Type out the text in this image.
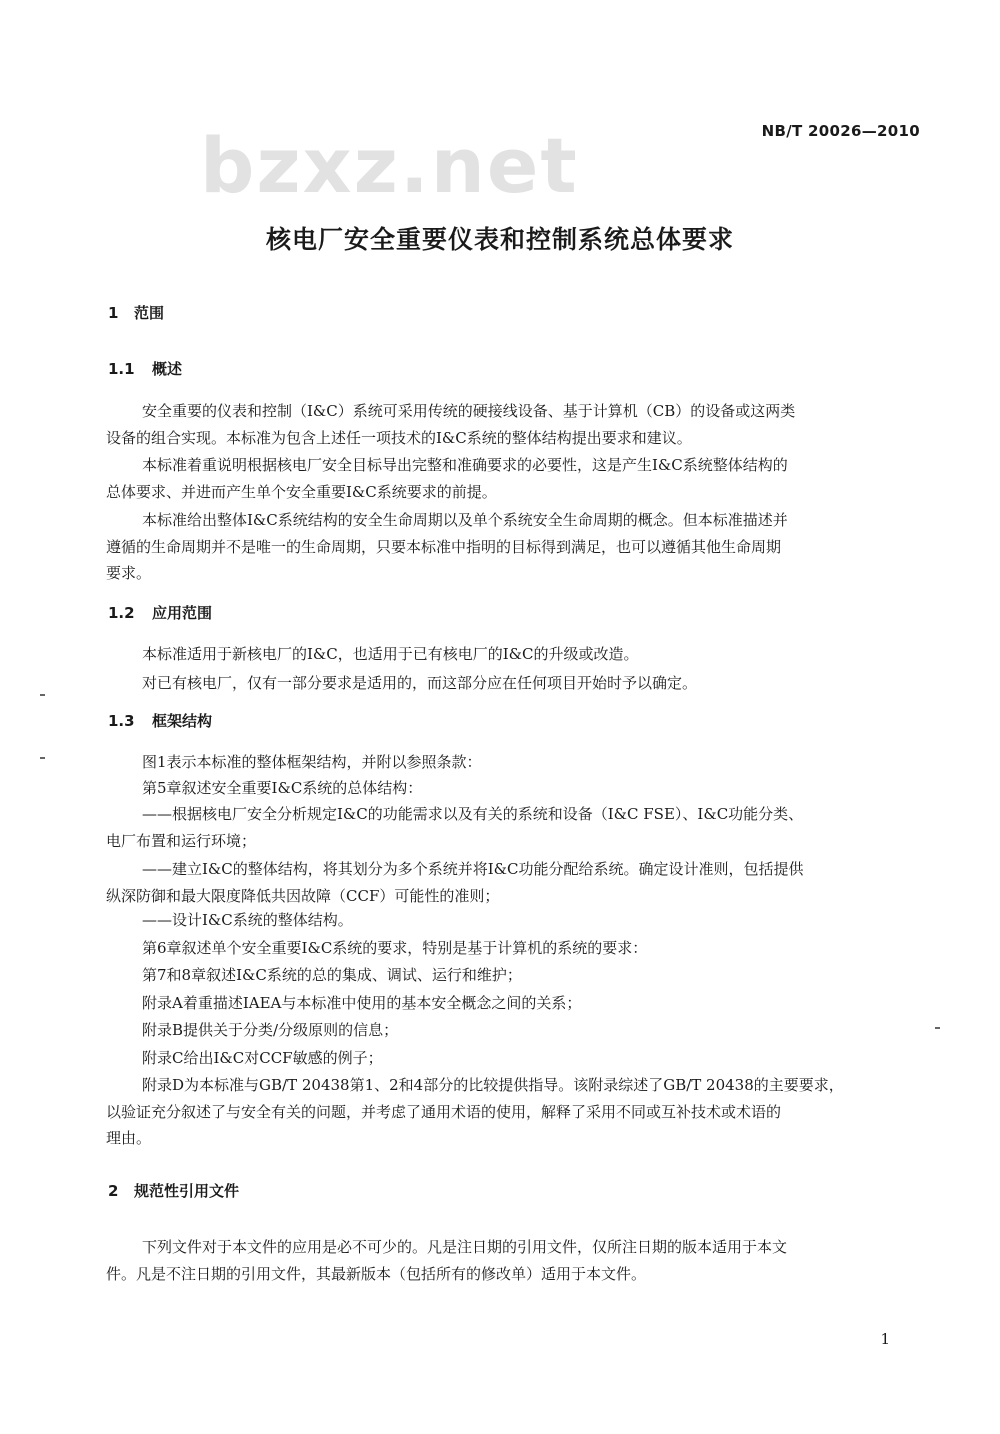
NB/T 20026—2010
bzxz.net
核电厂安全重要仪表和控制系统总体要求
1 范围
1.1 概述
安全重要的仪表和控制（I&C）系统可采用传统的硬接线设备、基于计算机（CB）的设备或这两类
设备的组合实现。本标准为包含上述任一项技术的I&C系统的整体结构提出要求和建议。
本标准着重说明根据核电厂安全目标导出完整和准确要求的必要性，这是产生I&C系统整体结构的
总体要求、并进而产生单个安全重要I&C系统要求的前提。
本标准给出整体I&C系统结构的安全生命周期以及单个系统安全生命周期的概念。但本标准描述并
遵循的生命周期并不是唯一的生命周期，只要本标准中指明的目标得到满足，也可以遵循其他生命周期
要求。
1.2 应用范围
本标准适用于新核电厂的I&C，也适用于已有核电厂的I&C的升级或改造。
对已有核电厂，仅有一部分要求是适用的，而这部分应在任何项目开始时予以确定。
1.3 框架结构
图1表示本标准的整体框架结构，并附以参照条款：
第5章叙述安全重要I&C系统的总体结构：
——根据核电厂安全分析规定I&C的功能需求以及有关的系统和设备（I&C FSE）、I&C功能分类、
电厂布置和运行环境；
——建立I&C的整体结构，将其划分为多个系统并将I&C功能分配给系统。确定设计准则，包括提供
纵深防御和最大限度降低共因故障（CCF）可能性的准则；
——设计I&C系统的整体结构。
第6章叙述单个安全重要I&C系统的要求，特别是基于计算机的系统的要求：
第7和8章叙述I&C系统的总的集成、调试、运行和维护；
附录A着重描述IAEA与本标准中使用的基本安全概念之间的关系；
附录B提供关于分类/分级原则的信息；
附录C给出I&C对CCF敏感的例子；
附录D为本标准与GB/T 20438第1、2和4部分的比较提供指导。该附录综述了GB/T 20438的主要要求，
以验证充分叙述了与安全有关的问题，并考虑了通用术语的使用，解释了采用不同或互补技术或术语的
理由。
2 规范性引用文件
下列文件对于本文件的应用是必不可少的。凡是注日期的引用文件，仅所注日期的版本适用于本文
件。凡是不注日期的引用文件，其最新版本（包括所有的修改单）适用于本文件。
1
